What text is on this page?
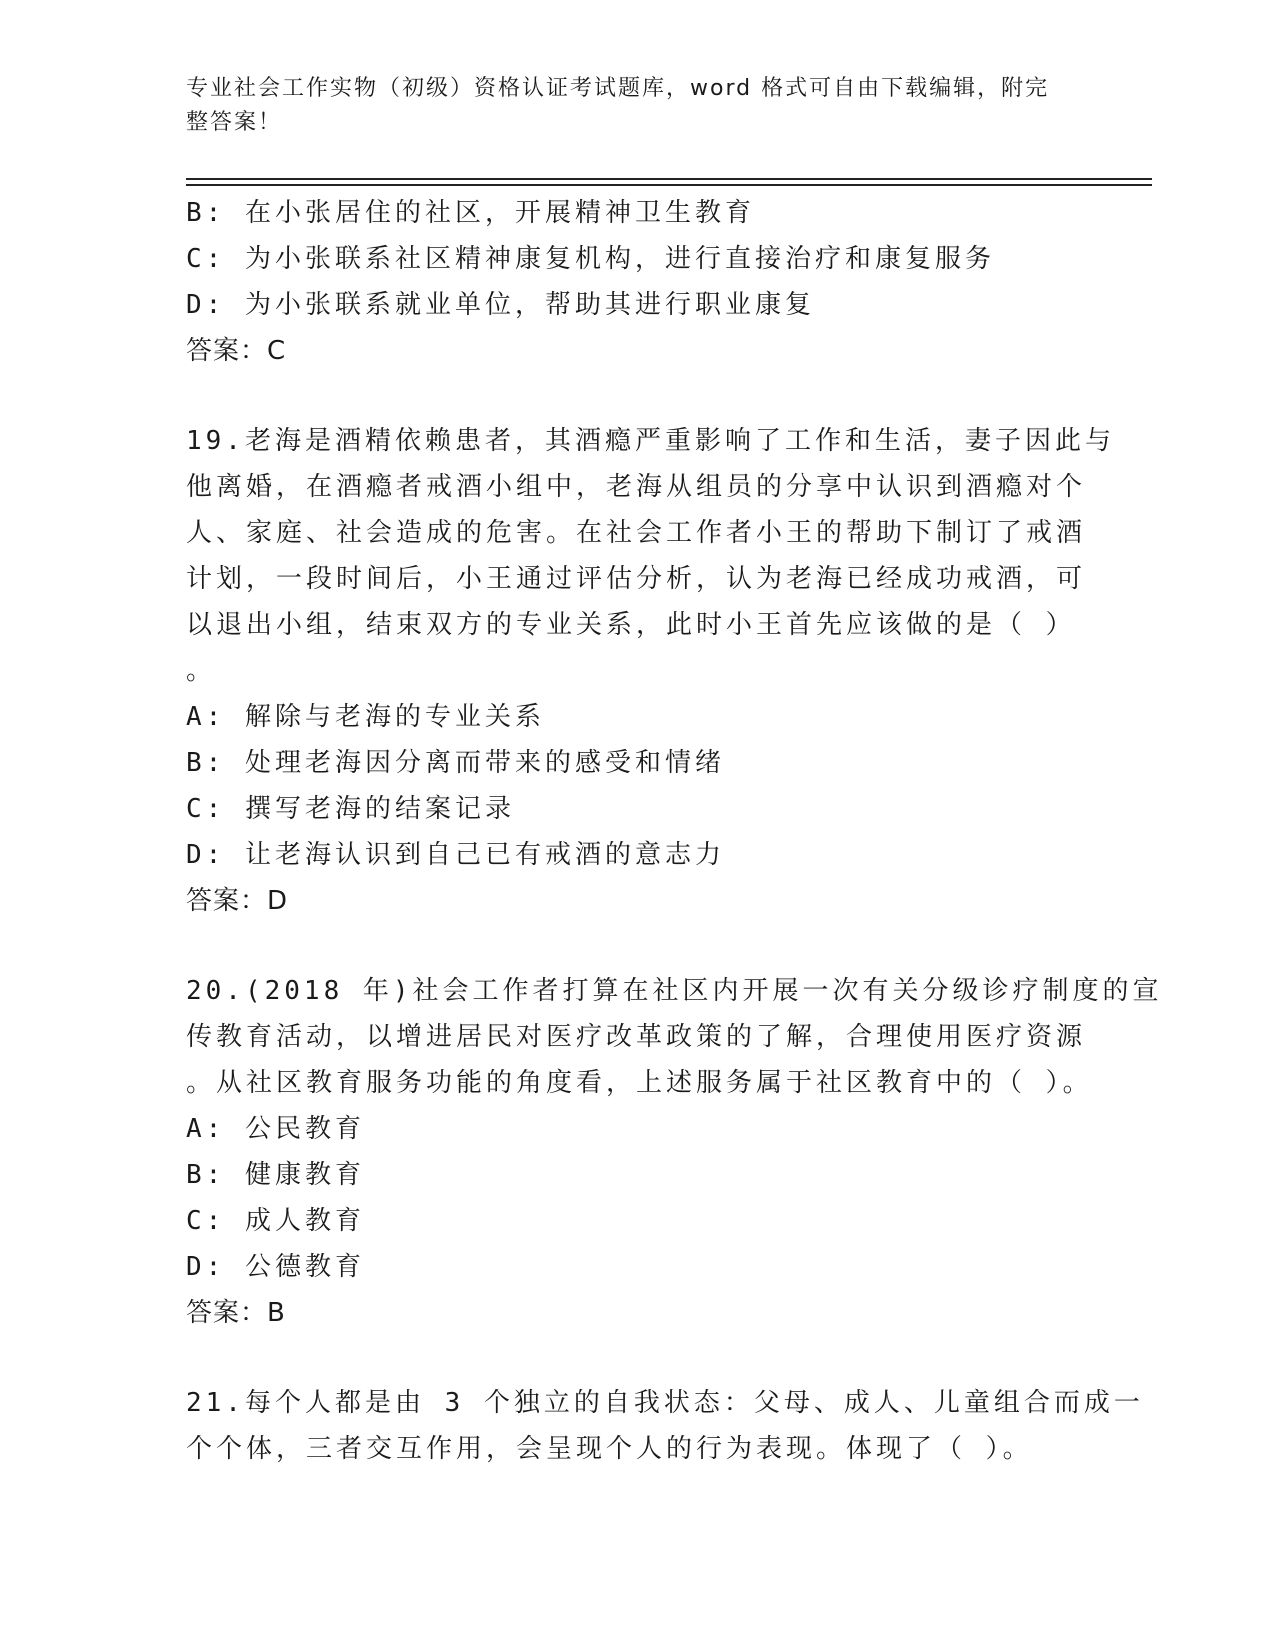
专业社会工作实物（初级）资格认证考试题库，word 格式可自由下载编辑，附完
整答案！
B: 在小张居住的社区，开展精神卫生教育
C: 为小张联系社区精神康复机构，进行直接治疗和康复服务
D: 为小张联系就业单位，帮助其进行职业康复
答案：C
19.老海是酒精依赖患者，其酒瘾严重影响了工作和生活，妻子因此与
他离婚，在酒瘾者戒酒小组中，老海从组员的分享中认识到酒瘾对个
人、家庭、社会造成的危害。在社会工作者小王的帮助下制订了戒酒
计划，一段时间后，小王通过评估分析，认为老海已经成功戒酒，可
以退出小组，结束双方的专业关系，此时小王首先应该做的是（ ）
。
A: 解除与老海的专业关系
B: 处理老海因分离而带来的感受和情绪
C: 撰写老海的结案记录
D: 让老海认识到自己已有戒酒的意志力
答案：D
20.(2018 年)社会工作者打算在社区内开展一次有关分级诊疗制度的宣
传教育活动，以增进居民对医疗改革政策的了解，合理使用医疗资源
。从社区教育服务功能的角度看，上述服务属于社区教育中的（ ）。
A: 公民教育
B: 健康教育
C: 成人教育
D: 公德教育
答案：B
21.每个人都是由 3 个独立的自我状态：父母、成人、儿童组合而成一
个个体，三者交互作用，会呈现个人的行为表现。体现了（ ）。
